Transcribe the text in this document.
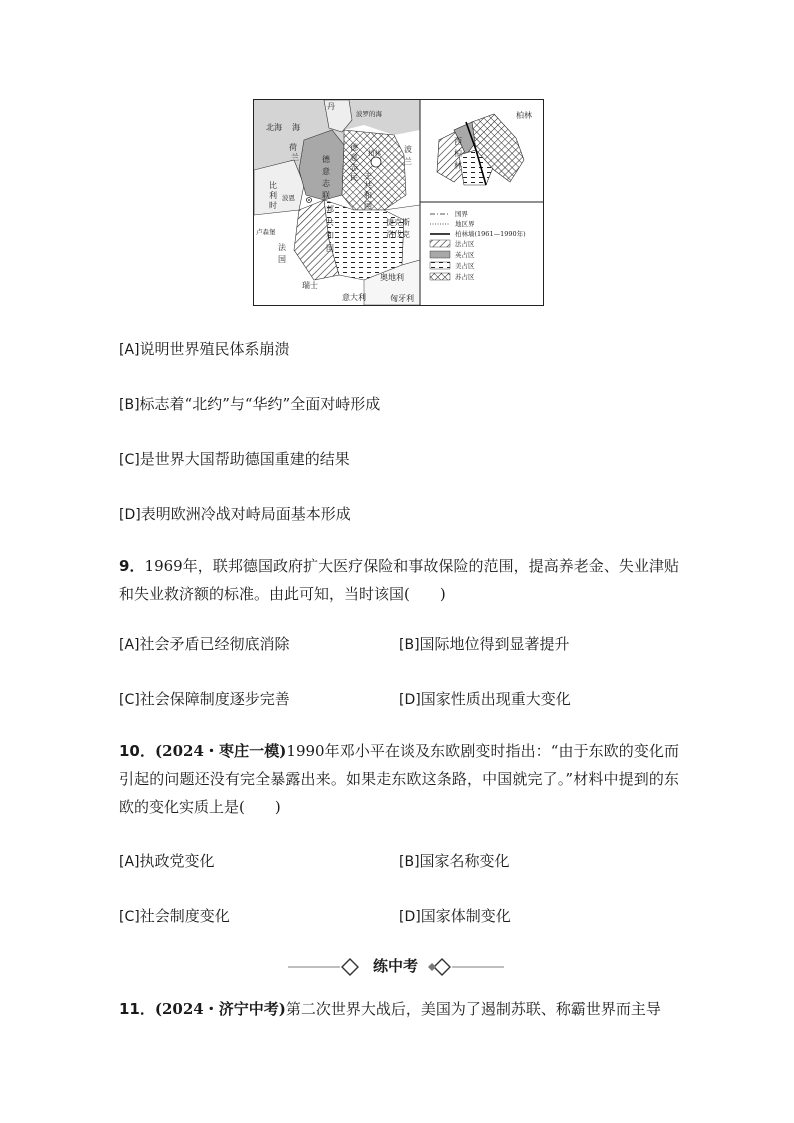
北海 海
丹
波罗的海
荷
兰
比
利
时
波恩
卢森堡
法
国
瑞士
意大利
奥地利
捷克斯
洛伐克
匈牙利
波
兰
柏林
德
意
志
联
邦
共
和
国
德
意
志
民 主
共
和
国
柏林
西
柏
林
国界
地区界
柏林墙(1961—1990年)
法占区
英占区
美占区
苏占区
[A]说明世界殖民体系崩溃
[B]标志着“北约”与“华约”全面对峙形成
[C]是世界大国帮助德国重建的结果
[D]表明欧洲冷战对峙局面基本形成
9．1969年，联邦德国政府扩大医疗保险和事故保险的范围，提高养老金、失业津贴和失业救济额的标准。由此可知，当时该国(　　)
[A]社会矛盾已经彻底消除	[B]国际地位得到显著提升
[C]社会保障制度逐步完善	[D]国家性质出现重大变化
10．(2024・枣庄一模)1990年邓小平在谈及东欧剧变时指出：“由于东欧的变化而引起的问题还没有完全暴露出来。如果走东欧这条路，中国就完了。”材料中提到的东欧的变化实质上是(　　)
[A]执政党变化	[B]国家名称变化
[C]社会制度变化	[D]国家体制变化
练中考
11．(2024・济宁中考)第二次世界大战后，美国为了遏制苏联、称霸世界而主导
